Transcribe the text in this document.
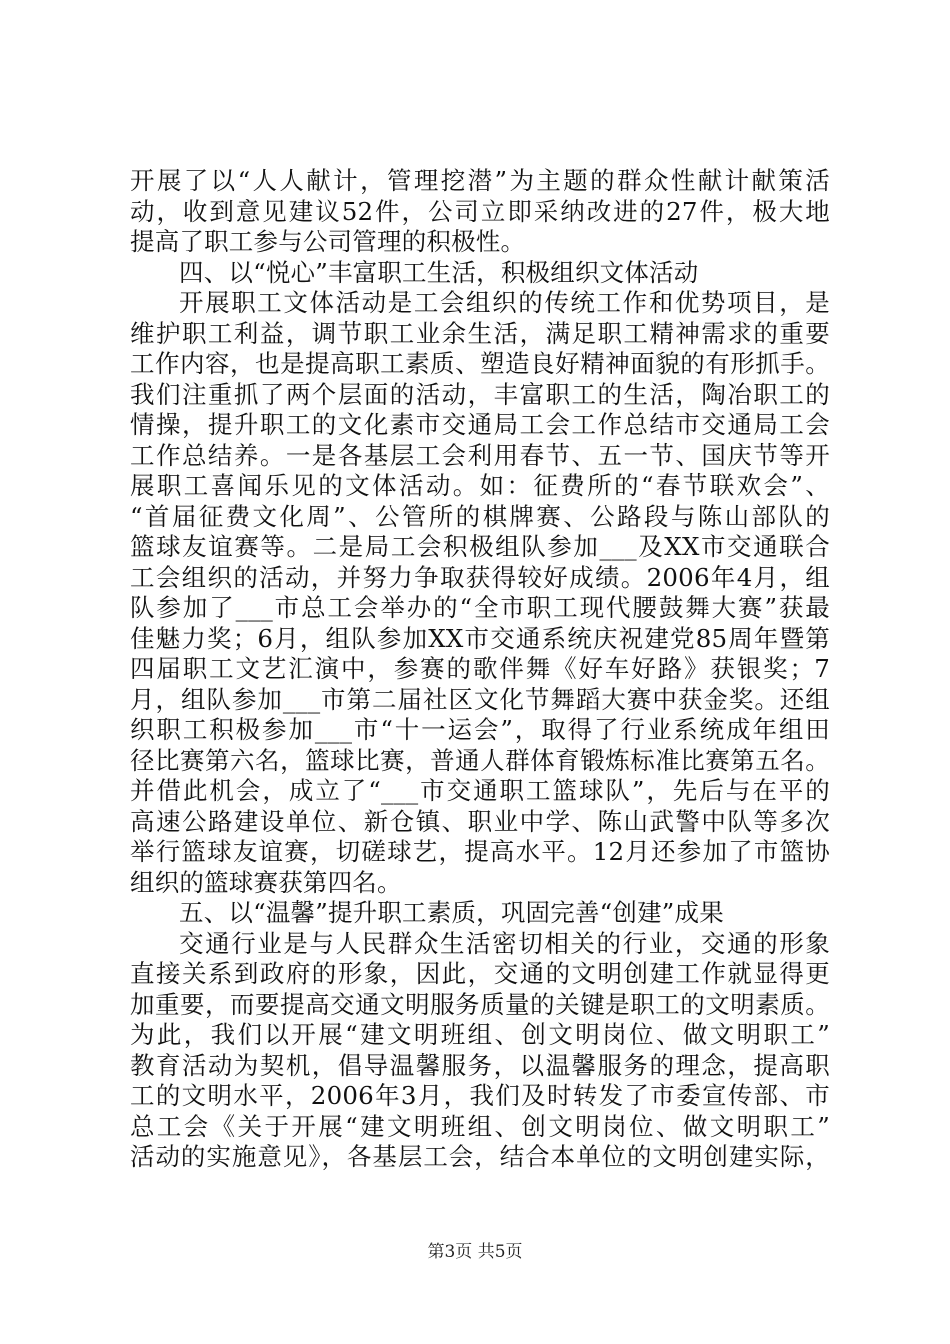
开展了以“人人献计，管理挖潜”为主题的群众性献计献策活
动，收到意见建议52件，公司立即采纳改进的27件，极大地
提高了职工参与公司管理的积极性。
四、以“悦心”丰富职工生活，积极组织文体活动
开展职工文体活动是工会组织的传统工作和优势项目，是
维护职工利益，调节职工业余生活，满足职工精神需求的重要
工作内容，也是提高职工素质、塑造良好精神面貌的有形抓手。
我们注重抓了两个层面的活动，丰富职工的生活，陶冶职工的
情操，提升职工的文化素市交通局工会工作总结市交通局工会
工作总结养。一是各基层工会利用春节、五一节、国庆节等开
展职工喜闻乐见的文体活动。如：征费所的“春节联欢会”、
“首届征费文化周”、公管所的棋牌赛、公路段与陈山部队的
篮球友谊赛等。二是局工会积极组队参加___及XX市交通联合
工会组织的活动，并努力争取获得较好成绩。2006年4月，组
队参加了___市总工会举办的“全市职工现代腰鼓舞大赛”获最
佳魅力奖；6月，组队参加XX市交通系统庆祝建党85周年暨第
四届职工文艺汇演中，参赛的歌伴舞《好车好路》获银奖；7
月，组队参加___市第二届社区文化节舞蹈大赛中获金奖。还组
织职工积极参加___市“十一运会”，取得了行业系统成年组田
径比赛第六名，篮球比赛，普通人群体育锻炼标准比赛第五名。
并借此机会，成立了“___市交通职工篮球队”，先后与在平的
高速公路建设单位、新仓镇、职业中学、陈山武警中队等多次
举行篮球友谊赛，切磋球艺，提高水平。12月还参加了市篮协
组织的篮球赛获第四名。
五、以“温馨”提升职工素质，巩固完善“创建”成果
交通行业是与人民群众生活密切相关的行业，交通的形象
直接关系到政府的形象，因此，交通的文明创建工作就显得更
加重要，而要提高交通文明服务质量的关键是职工的文明素质。
为此，我们以开展“建文明班组、创文明岗位、做文明职工”
教育活动为契机，倡导温馨服务，以温馨服务的理念，提高职
工的文明水平，2006年3月，我们及时转发了市委宣传部、市
总工会《关于开展“建文明班组、创文明岗位、做文明职工”
活动的实施意见》，各基层工会，结合本单位的文明创建实际，
第3页 共5页
